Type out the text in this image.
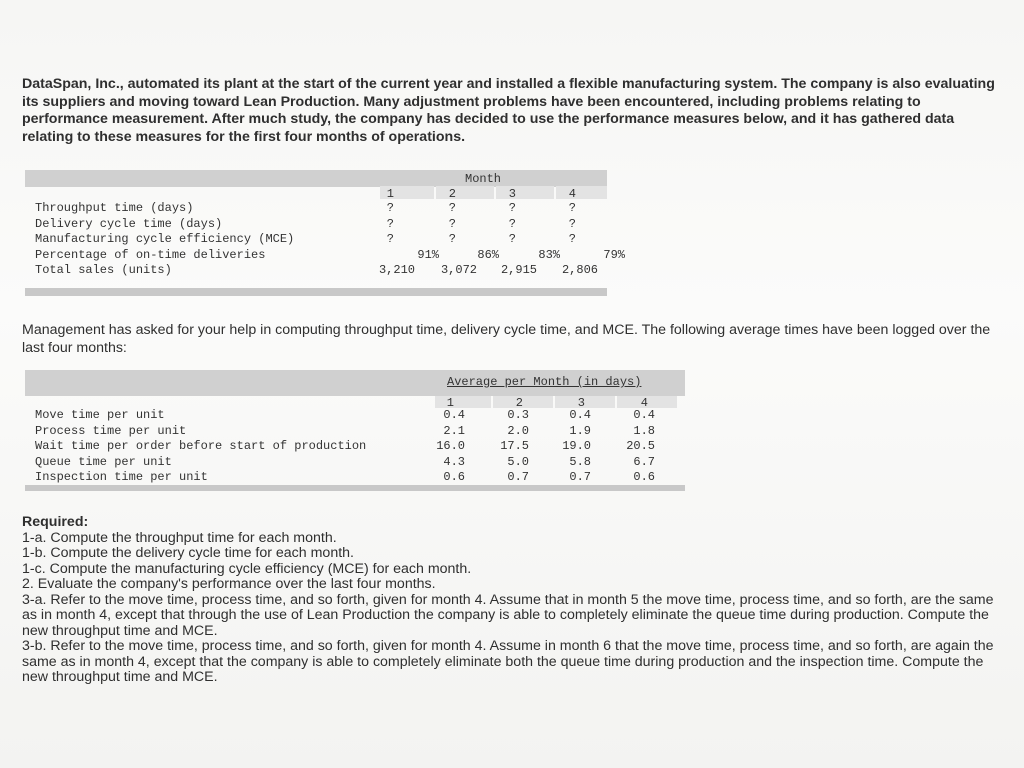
DataSpan, Inc., automated its plant at the start of the current year and installed a flexible manufacturing system. The company is also evaluating its suppliers and moving toward Lean Production. Many adjustment problems have been encountered, including problems relating to performance measurement. After much study, the company has decided to use the performance measures below, and it has gathered data relating to these measures for the first four months of operations.
Month
1	2	3	4
Throughput time (days)	?	?	?	?
Delivery cycle time (days)	?	?	?	?
Manufacturing cycle efficiency (MCE)	?	?	?	?
Percentage of on-time deliveries	91%	86%	83%	79%
Total sales (units)	3,210	3,072	2,915	2,806
Management has asked for your help in computing throughput time, delivery cycle time, and MCE. The following average times have been logged over the last four months:
Average per Month (in days)
1	2	3	4
Move time per unit	0.4	0.3	0.4	0.4
Process time per unit	2.1	2.0	1.9	1.8
Wait time per order before start of production	16.0	17.5	19.0	20.5
Queue time per unit	4.3	5.0	5.8	6.7
Inspection time per unit	0.6	0.7	0.7	0.6

Required:

1-a. Compute the throughput time for each month.

1-b. Compute the delivery cycle time for each month.

1-c. Compute the manufacturing cycle efficiency (MCE) for each month.

2. Evaluate the company's performance over the last four months.

3-a. Refer to the move time, process time, and so forth, given for month 4. Assume that in month 5 the move time, process time, and so forth, are the same as in month 4, except that through the use of Lean Production the company is able to completely eliminate the queue time during production. Compute the new throughput time and MCE.

3-b. Refer to the move time, process time, and so forth, given for month 4. Assume in month 6 that the move time, process time, and so forth, are again the same as in month 4, except that the company is able to completely eliminate both the queue time during production and the inspection time. Compute the new throughput time and MCE.
